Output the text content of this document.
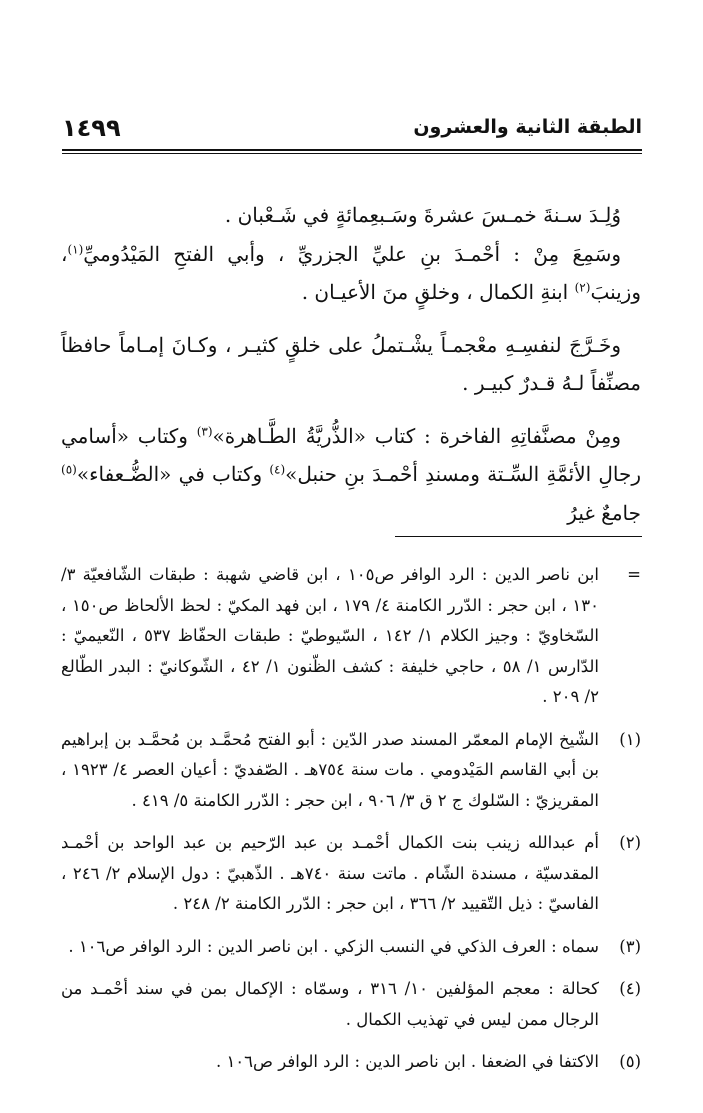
١٤٩٩	الطبقة الثانية والعشرون

وُلِـدَ سـنةَ خمـسَ عشرةَ وسَـبعِمائةٍ في شَـعْبان .

وسَمِعَ مِنْ : أحْمـدَ بنِ عليِّ الجزريِّ ، وأبي الفتحِ المَيْدُوميِّ$^{(١)}$، وزينبَ$^{(٢)}$ ابنةِ الكمال ، وخلقٍ منَ الأعيـان .

وخَـرَّجَ لنفسِـهِ معْجمـاً يشْـتملُ على خلقٍ كثيـر ، وكـانَ إمـاماً حافظاً مصنِّفاً لـهُ قـدرٌ كبيـر .

ومِنْ مصنَّفاتِهِ الفاخرة : كتاب «الذُّريَّةُ الطَّـاهرة»$^{(٣)}$ وكتاب «أسامي رجالِ الأئمَّةِ السِّـتة ومسندِ أحْمـدَ بنِ حنبل»$^{(٤)}$ وكتاب في «الضُّـعفاء»$^{(٥)}$ جامعٌ غيرُ

=
ابن ناصر الدين : الرد الوافر ص١٠٥ ، ابن قاضي شهبة : طبقات الشّافعيّة ٣/ ١٣٠ ، ابن حجر : الدّرر الكامنة ٤/ ١٧٩ ، ابن فهد المكيّ : لحظ الألحاظ ص١٥٠ ، السّخاويّ : وجيز الكلام ١/ ١٤٢ ، السّيوطيّ : طبقات الحفّاظ ٥٣٧ ، النّعيميّ : الدّارس ١/ ٥٨ ، حاجي خليفة : كشف الظّنون ١/ ٤٢ ، الشّوكانيّ : البدر الطّالع ٢/ ٢٠٩ .
(١)
الشّيخ الإمام المعمّر المسند صدر الدّين : أبو الفتح مُحمَّـد بن مُحمَّـد بن إبراهيم بن أبي القاسم المَيْدومي . مات سنة ٧٥٤هـ . الصّفديّ : أعيان العصر ٤/ ١٩٢٣ ، المقريزيّ : السّلوك ج ٢ ق ٣/ ٩٠٦ ، ابن حجر : الدّرر الكامنة ٥/ ٤١٩ .
(٢)
أم عبدالله زينب بنت الكمال أحْمـد بن عبد الرّحيم بن عبد الواحد بن أحْمـد المقدسيّة ، مسندة الشّام . ماتت سنة ٧٤٠هـ . الذّهبيّ : دول الإسلام ٢/ ٢٤٦ ، الفاسيّ : ذيل التّقييد ٢/ ٣٦٦ ، ابن حجر : الدّرر الكامنة ٢/ ٢٤٨ .
(٣)
سماه : العرف الذكي في النسب الزكي . ابن ناصر الدين : الرد الوافر ص١٠٦ .
(٤)
كحالة : معجم المؤلفين ١٠/ ٣١٦ ، وسمّاه : الإكمال بمن في سند أحْمـد من الرجال ممن ليس في تهذيب الكمال .
(٥)
الاكتفا في الضعفا . ابن ناصر الدين : الرد الوافر ص١٠٦ .
